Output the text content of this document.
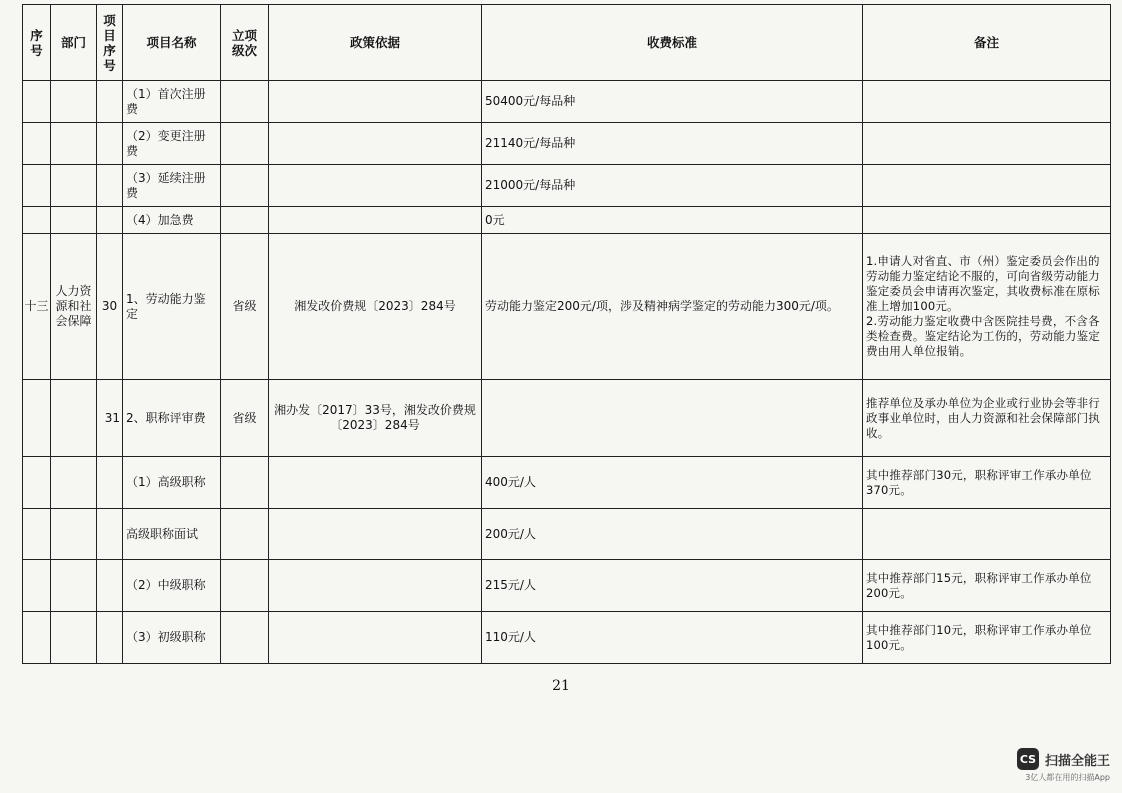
序号	部门	项目序号	项目名称	立项级次	政策依据	收费标准	备注
			（1）首次注册费			50400元/每品种	
			（2）变更注册费			21140元/每品种	
			（3）延续注册费			21000元/每品种	
			（4）加急费			0元	
十三	人力资源和社会保障	30	1、劳动能力鉴定	省级	湘发改价费规〔2023〕284号	劳动能力鉴定200元/项，涉及精神病学鉴定的劳动能力300元/项。	1.申请人对省直、市（州）鉴定委员会作出的劳动能力鉴定结论不服的，可向省级劳动能力鉴定委员会申请再次鉴定，其收费标准在原标准上增加100元。
2.劳动能力鉴定收费中含医院挂号费，不含各类检查费。鉴定结论为工伤的，劳动能力鉴定费由用人单位报销。
		31	2、职称评审费	省级	湘办发〔2017〕33号，湘发改价费规〔2023〕284号		推荐单位及承办单位为企业或行业协会等非行政事业单位时，由人力资源和社会保障部门执收。
			（1）高级职称			400元/人	其中推荐部门30元，职称评审工作承办单位370元。
			高级职称面试			200元/人	
			（2）中级职称			215元/人	其中推荐部门15元，职称评审工作承办单位200元。
			（3）初级职称			110元/人	其中推荐部门10元，职称评审工作承办单位100元。
21
CS 扫描全能王
3亿人都在用的扫描App
